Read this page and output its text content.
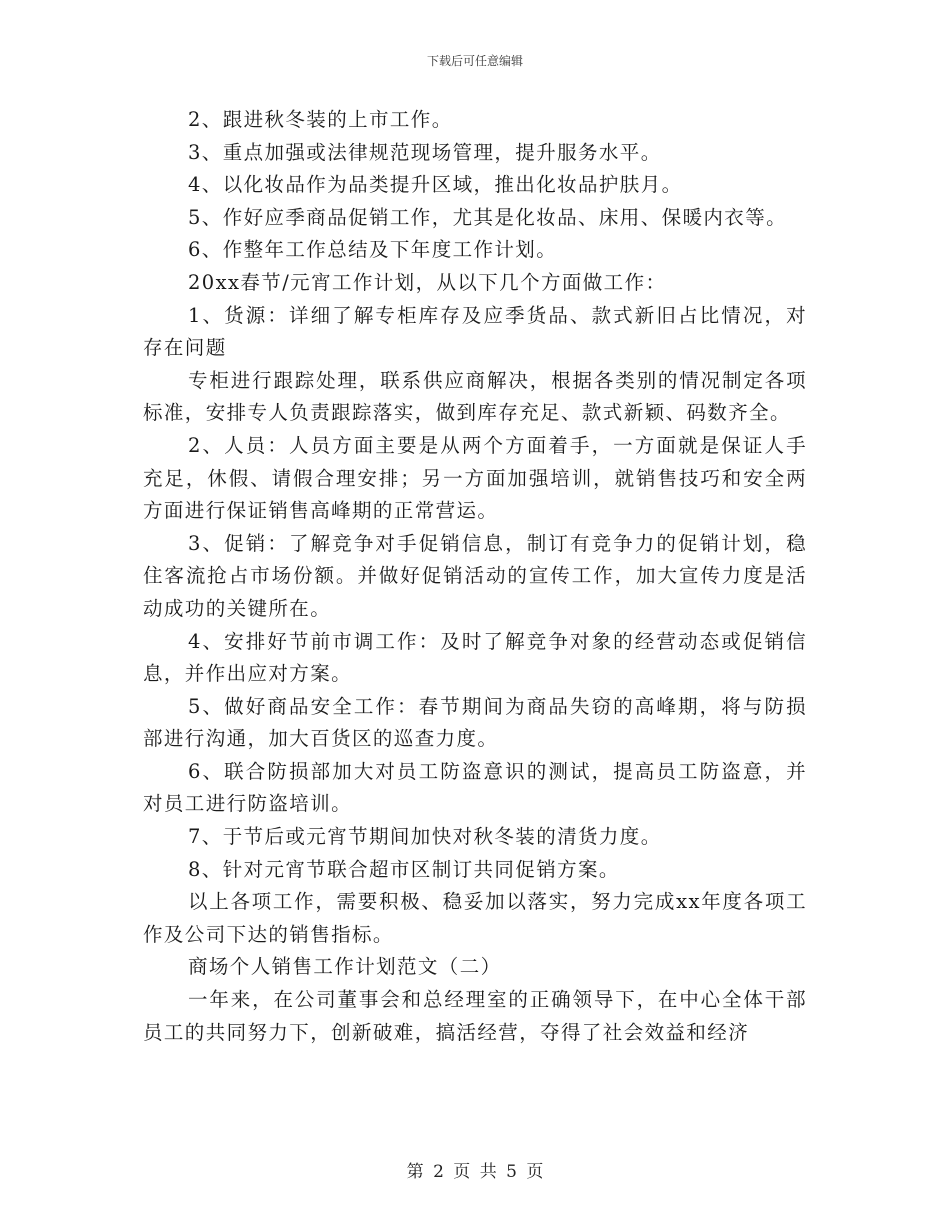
下载后可任意编辑

2、跟进秋冬装的上市工作。

3、重点加强或法律规范现场管理，提升服务水平。

4、以化妆品作为品类提升区域，推出化妆品护肤月。

5、作好应季商品促销工作，尤其是化妆品、床用、保暖内衣等。

6、作整年工作总结及下年度工作计划。

20xx春节/元宵工作计划，从以下几个方面做工作：

1、货源：详细了解专柜库存及应季货品、款式新旧占比情况，对存在问题

专柜进行跟踪处理，联系供应商解决，根据各类别的情况制定各项标准，安排专人负责跟踪落实，做到库存充足、款式新颖、码数齐全。

2、人员：人员方面主要是从两个方面着手，一方面就是保证人手充足，休假、请假合理安排；另一方面加强培训，就销售技巧和安全两方面进行保证销售高峰期的正常营运。

3、促销：了解竞争对手促销信息，制订有竞争力的促销计划，稳住客流抢占市场份额。并做好促销活动的宣传工作，加大宣传力度是活动成功的关键所在。

4、安排好节前市调工作：及时了解竞争对象的经营动态或促销信息，并作出应对方案。

5、做好商品安全工作：春节期间为商品失窃的高峰期，将与防损部进行沟通，加大百货区的巡查力度。

6、联合防损部加大对员工防盗意识的测试，提高员工防盗意，并对员工进行防盗培训。

7、于节后或元宵节期间加快对秋冬装的清货力度。

8、针对元宵节联合超市区制订共同促销方案。

以上各项工作，需要积极、稳妥加以落实，努力完成xx年度各项工作及公司下达的销售指标。

商场个人销售工作计划范文（二）

一年来，在公司董事会和总经理室的正确领导下，在中心全体干部员工的共同努力下，创新破难，搞活经营，夺得了社会效益和经济

第 2 页 共 5 页
